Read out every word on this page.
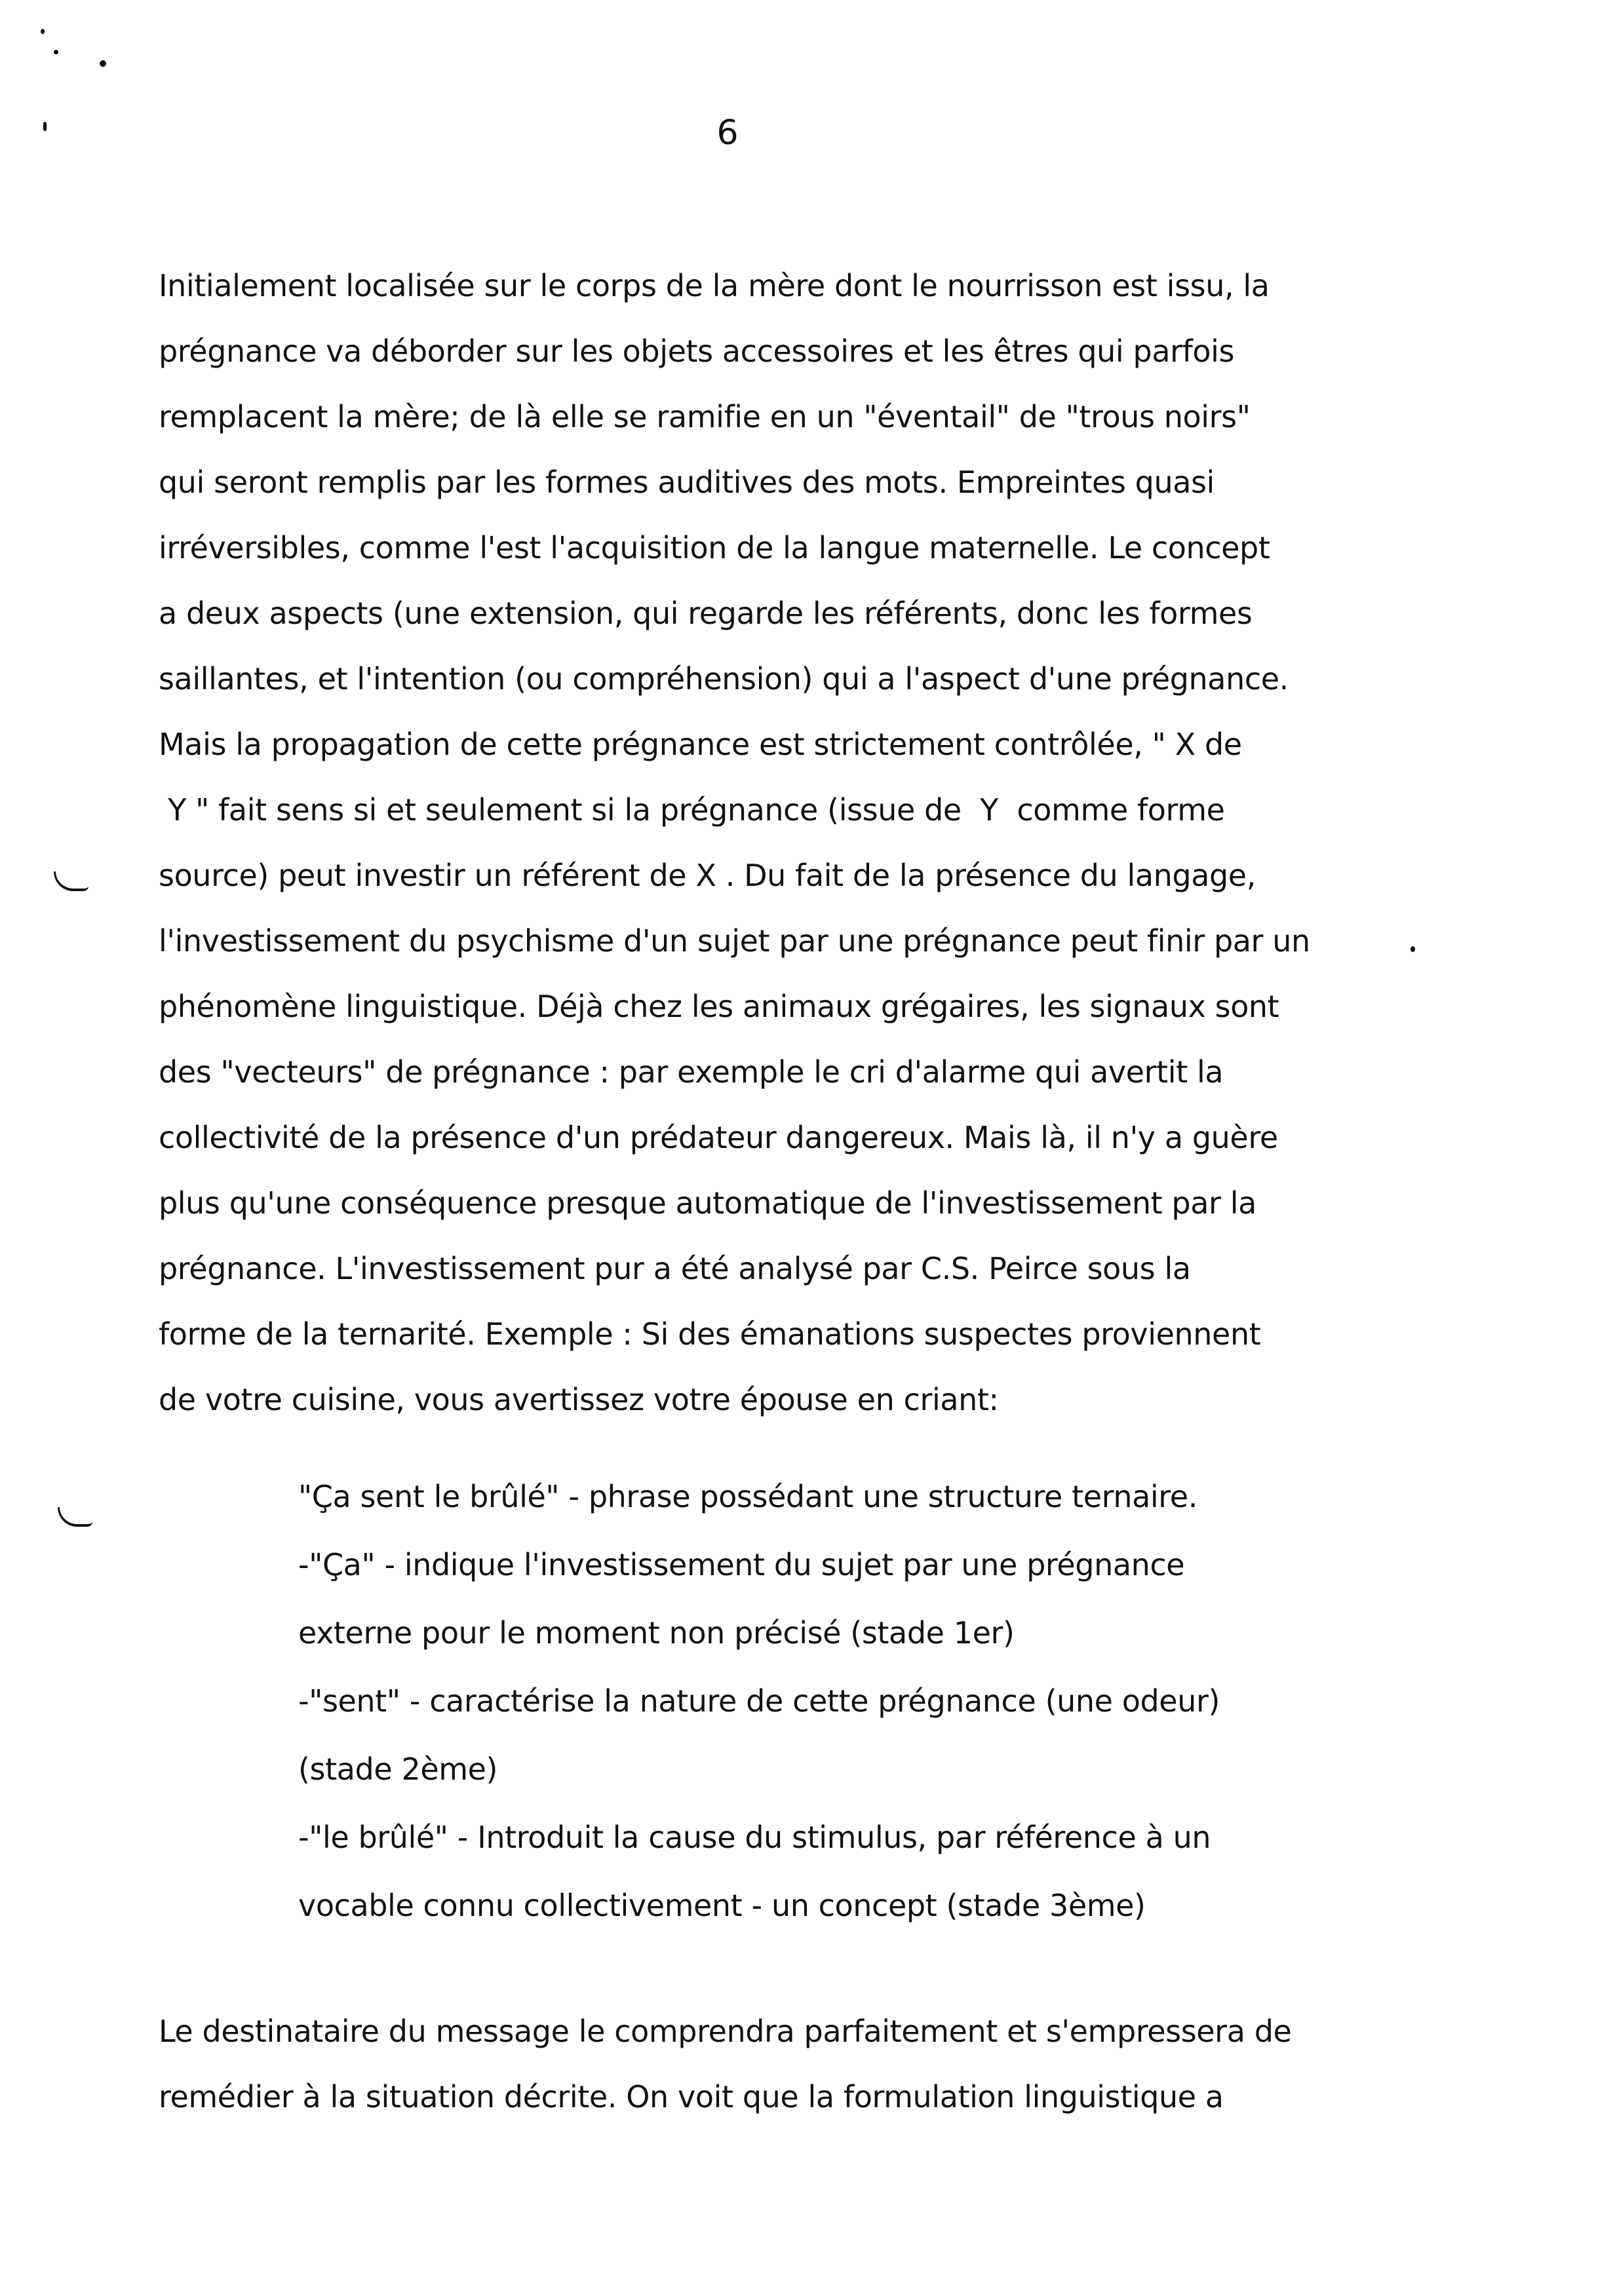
6
Initialement localisée sur le corps de la mère dont le nourrisson est issu, la
prégnance va déborder sur les objets accessoires et les êtres qui parfois
remplacent la mère; de là elle se ramifie en un "éventail" de "trous noirs"
qui seront remplis par les formes auditives des mots. Empreintes quasi
irréversibles, comme l'est l'acquisition de la langue maternelle. Le concept
a deux aspects (une extension, qui regarde les référents, donc les formes
saillantes, et l'intention (ou compréhension) qui a l'aspect d'une prégnance.
Mais la propagation de cette prégnance est strictement contrôlée, " X de
Y " fait sens si et seulement si la prégnance (issue de  Y  comme forme
source) peut investir un référent de X . Du fait de la présence du langage,
l'investissement du psychisme d'un sujet par une prégnance peut finir par un
phénomène linguistique. Déjà chez les animaux grégaires, les signaux sont
des "vecteurs" de prégnance : par exemple le cri d'alarme qui avertit la
collectivité de la présence d'un prédateur dangereux. Mais là, il n'y a guère
plus qu'une conséquence presque automatique de l'investissement par la
prégnance. L'investissement pur a été analysé par C.S. Peirce sous la
forme de la ternarité. Exemple : Si des émanations suspectes proviennent
de votre cuisine, vous avertissez votre épouse en criant:
"Ça sent le brûlé" - phrase possédant une structure ternaire.
-"Ça" - indique l'investissement du sujet par une prégnance
externe pour le moment non précisé (stade 1er)
-"sent" - caractérise la nature de cette prégnance (une odeur)
(stade 2ème)
-"le brûlé" - Introduit la cause du stimulus, par référence à un
vocable connu collectivement - un concept (stade 3ème)
Le destinataire du message le comprendra parfaitement et s'empressera de
remédier à la situation décrite. On voit que la formulation linguistique a
